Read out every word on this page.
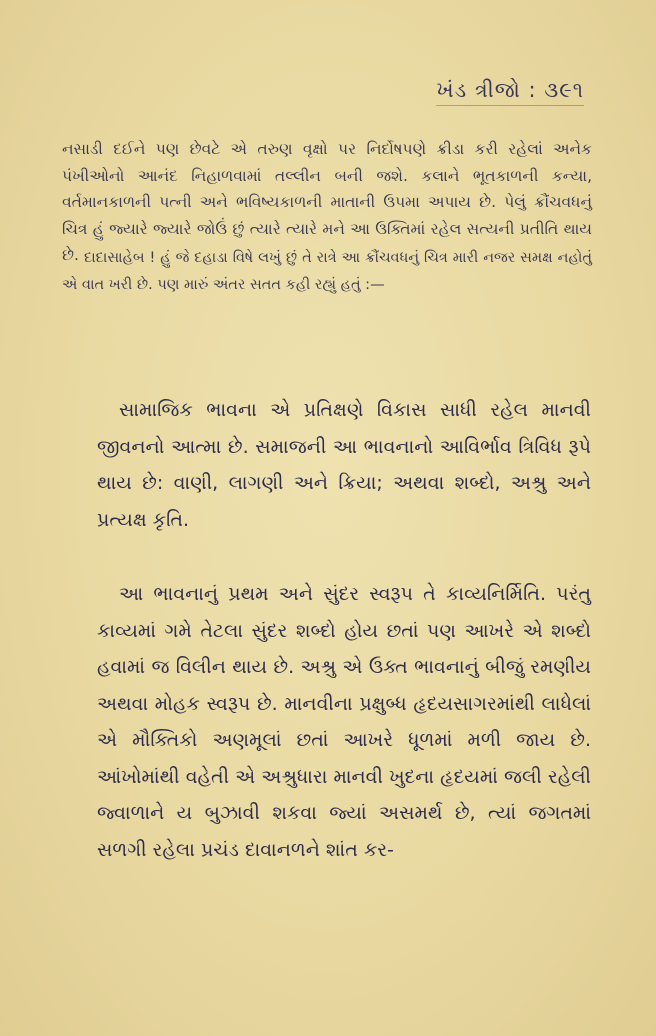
ખંડ ત્રીજો : ૩૯૧

નસાડી દઈને પણ છેવટે એ તરુણ વૃક્ષો પર નિર્દોષપણે ક્રીડા કરી રહેલાં અનેક પંખીઓનો આનંદ નિહાળવામાં તલ્લીન બની જશે. કલાને ભૂતકાળની કન્યા, વર્તમાનકાળની પત્ની અને ભવિષ્યકાળની માતાની ઉપમા અપાય છે. પેલું ક્રૌંચવધનું ચિત્ર હું જ્યારે જ્યારે જોઉં છું ત્યારે ત્યારે મને આ ઉક્તિમાં રહેલ સત્યની પ્રતીતિ થાય છે. દાદાસાહેબ ! હું જે દહાડા વિષે લખું છું તે રાત્રે આ ક્રૌંચવધનું ચિત્ર મારી નજર સમક્ષ નહોતું એ વાત ખરી છે. પણ મારું અંતર સતત કહી રહ્યું હતું :—

સામાજિક ભાવના એ પ્રતિક્ષણે વિકાસ સાધી રહેલ માનવી જીવનનો આત્મા છે. સમાજની આ ભાવનાનો આવિર્ભાવ ત્રિવિધ રૂપે થાય છે: વાણી, લાગણી અને ક્રિયા; અથવા શબ્દો, અશ્રુ અને પ્રત્યક્ષ કૃતિ.

આ ભાવનાનું પ્રથમ અને સુંદર સ્વરૂપ તે કાવ્યનિર્મિતિ. પરંતુ કાવ્યમાં ગમે તેટલા સુંદર શબ્દો હોય છતાં પણ આખરે એ શબ્દો હવામાં જ વિલીન થાય છે. અશ્રુ એ ઉક્ત ભાવનાનું બીજું રમણીય અથવા મોહક સ્વરૂપ છે. માનવીના પ્રક્ષુબ્ધ હૃદયસાગરમાંથી લાધેલાં એ મૌક્તિકો અણમૂલાં છતાં આખરે ધૂળમાં મળી જાય છે. આંખોમાંથી વહેતી એ અશ્રુધારા માનવી ખુદના હૃદયમાં જલી રહેલી જ્વાળાને ય બુઝાવી શકવા જ્યાં અસમર્થ છે, ત્યાં જગતમાં સળગી રહેલા પ્રચંડ દાવાનળને શાંત કર-
